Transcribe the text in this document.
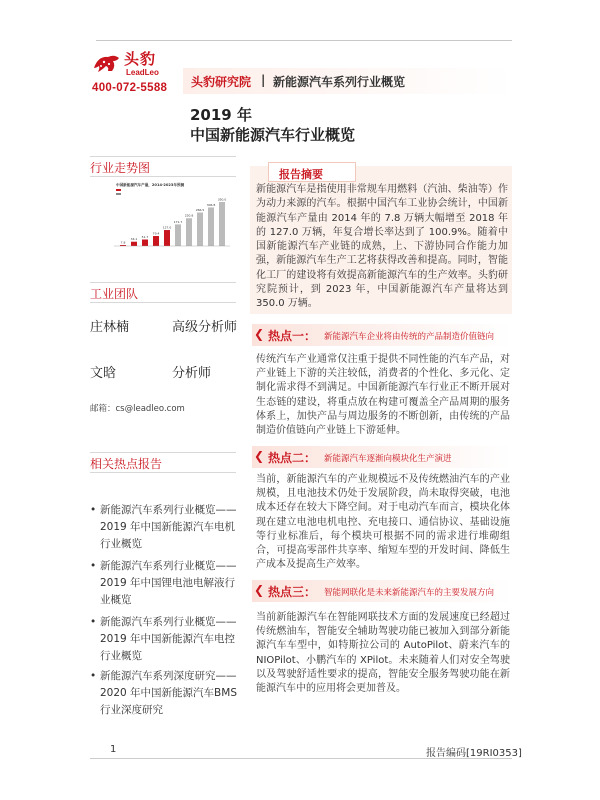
头豹
LeadLeo
400-072-5588 头豹研究院 | 新能源汽车系列行业概览
2019 年
中国新能源汽车行业概览
行业走势图
中国新能源汽车产量，2014-2023年预测
7.8
34.1
51.7
79.4
127.0
171.7
220.8
266.5
306.8
350.0
工业团队
庄林楠	高级分析师
文晗	分析师
邮箱：cs@leadleo.com
相关热点报告
• 新能源汽车系列行业概览——2019 年中国新能源汽车电机行业概览
• 新能源汽车系列行业概览——2019 年中国锂电池电解液行业概览
• 新能源汽车系列行业概览——2019 年中国新能源汽车电控行业概览
• 新能源汽车系列深度研究——2020 年中国新能源汽车BMS 行业深度研究
报告摘要
新能源汽车是指使用非常规车用燃料（汽油、柴油等）作为动力来源的汽车。根据中国汽车工业协会统计，中国新能源汽车产量由 2014 年的 7.8 万辆大幅增至 2018 年的 127.0 万辆，年复合增长率达到了 100.9%。随着中国新能源汽车产业链的成熟，上、下游协同合作能力加强，新能源汽车生产工艺将获得改善和提高。同时，智能化工厂的建设将有效提高新能源汽车的生产效率。头豹研究院预计，到 2023 年，中国新能源汽车产量将达到 350.0 万辆。
❮ 热点一： 新能源汽车企业将由传统的产品制造价值链向
传统汽车产业通常仅注重于提供不同性能的汽车产品，对产业链上下游的关注较低，消费者的个性化、多元化、定制化需求得不到满足。中国新能源汽车行业正不断开展对生态链的建设，将重点放在构建可覆盖全产品周期的服务体系上，加快产品与周边服务的不断创新，由传统的产品制造价值链向产业链上下游延伸。
❮ 热点二： 新能源汽车逐渐向模块化生产演进
当前，新能源汽车的产业规模远不及传统燃油汽车的产业规模，且电池技术仍处于发展阶段，尚未取得突破，电池成本还存在较大下降空间。对于电动汽车而言，模块化体现在建立电池电机电控、充电接口、通信协议、基础设施等行业标准后，每个模块可根据不同的需求进行堆砌组合，可提高零部件共享率、缩短车型的开发时间、降低生产成本及提高生产效率。
❮ 热点三： 智能网联化是未来新能源汽车的主要发展方向
当前新能源汽车在智能网联技术方面的发展速度已经超过传统燃油车，智能安全辅助驾驶功能已被加入到部分新能源汽车车型中，如特斯拉公司的 AutoPilot、蔚来汽车的 NIOPilot、小鹏汽车的 XPilot。未来随着人们对安全驾驶以及驾驶舒适性要求的提高，智能安全服务驾驶功能在新能源汽车中的应用将会更加普及。
1	报告编码[19RI0353]
